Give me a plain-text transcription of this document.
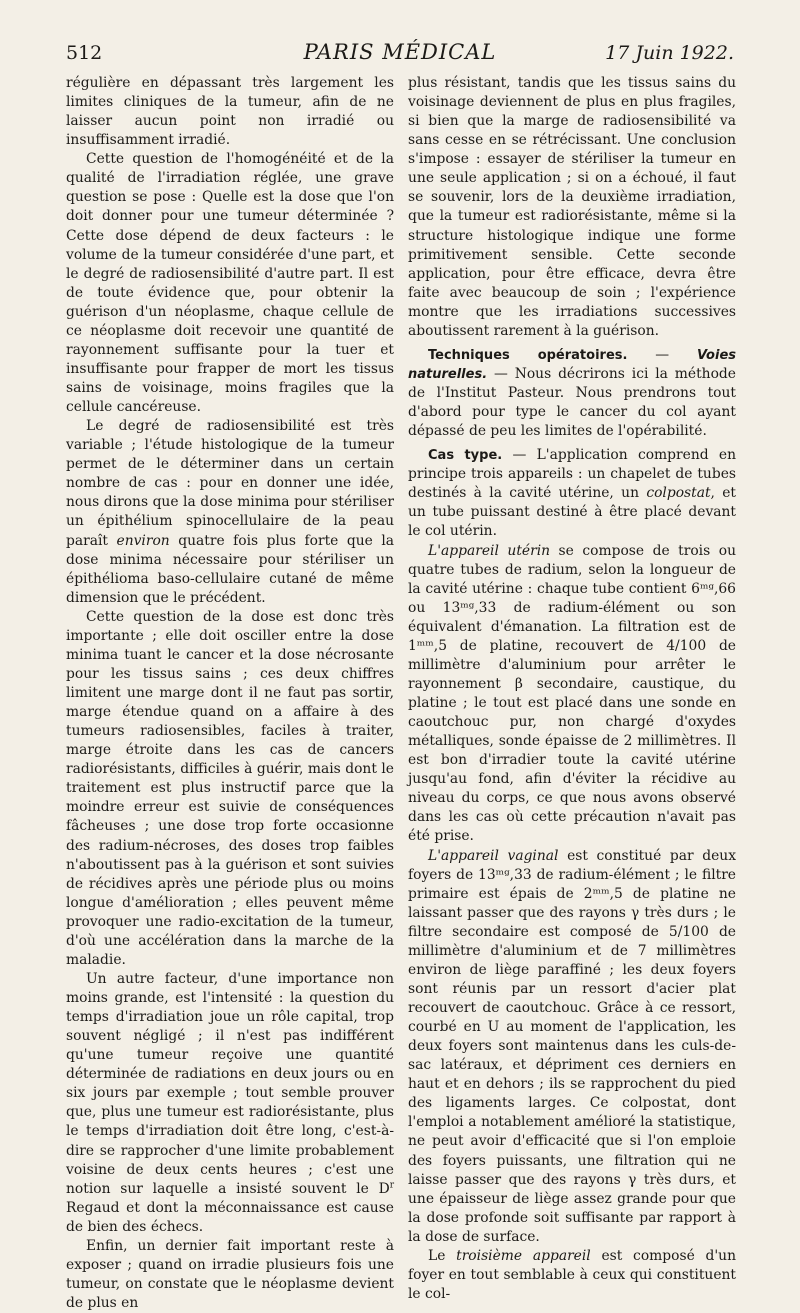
512	PARIS MÉDICAL	17 Juin 1922.

régulière en dépassant très largement les limites cliniques de la tumeur, afin de ne laisser aucun point non irradié ou insuffisamment irradié.

Cette question de l'homogénéité et de la qualité de l'irradiation réglée, une grave question se pose : Quelle est la dose que l'on doit donner pour une tumeur déterminée ? Cette dose dépend de deux facteurs : le volume de la tumeur considérée d'une part, et le degré de radiosensibilité d'autre part. Il est de toute évidence que, pour obtenir la guérison d'un néoplasme, chaque cellule de ce néoplasme doit recevoir une quantité de rayonnement suffisante pour la tuer et insuffisante pour frapper de mort les tissus sains de voisinage, moins fragiles que la cellule cancéreuse.

Le degré de radiosensibilité est très variable ; l'étude histologique de la tumeur permet de le déterminer dans un certain nombre de cas : pour en donner une idée, nous dirons que la dose minima pour stériliser un épithélium spinocellulaire de la peau paraît environ quatre fois plus forte que la dose minima nécessaire pour stériliser un épithélioma baso-cellulaire cutané de même dimension que le précédent.

Cette question de la dose est donc très importante ; elle doit osciller entre la dose minima tuant le cancer et la dose nécrosante pour les tissus sains ; ces deux chiffres limitent une marge dont il ne faut pas sortir, marge étendue quand on a affaire à des tumeurs radiosensibles, faciles à traiter, marge étroite dans les cas de cancers radiorésistants, difficiles à guérir, mais dont le traitement est plus instructif parce que la moindre erreur est suivie de conséquences fâcheuses ; une dose trop forte occasionne des radium-nécroses, des doses trop faibles n'aboutissent pas à la guérison et sont suivies de récidives après une période plus ou moins longue d'amélioration ; elles peuvent même provoquer une radio-excitation de la tumeur, d'où une accélération dans la marche de la maladie.

Un autre facteur, d'une importance non moins grande, est l'intensité : la question du temps d'irradiation joue un rôle capital, trop souvent négligé ; il n'est pas indifférent qu'une tumeur reçoive une quantité déterminée de radiations en deux jours ou en six jours par exemple ; tout semble prouver que, plus une tumeur est radiorésistante, plus le temps d'irradiation doit être long, c'est-à-dire se rapprocher d'une limite probablement voisine de deux cents heures ; c'est une notion sur laquelle a insisté souvent le $D^r$ Regaud et dont la méconnaissance est cause de bien des échecs.

Enfin, un dernier fait important reste à exposer ; quand on irradie plusieurs fois une tumeur, on constate que le néoplasme devient de plus en

plus résistant, tandis que les tissus sains du voisinage deviennent de plus en plus fragiles, si bien que la marge de radiosensibilité va sans cesse en se rétrécissant. Une conclusion s'impose : essayer de stériliser la tumeur en une seule application ; si on a échoué, il faut se souvenir, lors de la deuxième irradiation, que la tumeur est radiorésistante, même si la structure histologique indique une forme primitivement sensible. Cette seconde application, pour être efficace, devra être faite avec beaucoup de soin ; l'expérience montre que les irradiations successives aboutissent rarement à la guérison.

Techniques opératoires. — Voies naturelles. — Nous décrirons ici la méthode de l'Institut Pasteur. Nous prendrons tout d'abord pour type le cancer du col ayant dépassé de peu les limites de l'opérabilité.

Cas type. — L'application comprend en principe trois appareils : un chapelet de tubes destinés à la cavité utérine, un colpostat, et un tube puissant destiné à être placé devant le col utérin.

L'appareil utérin se compose de trois ou quatre tubes de radium, selon la longueur de la cavité utérine : chaque tube contient 6ᵐᵍ,66 ou 13ᵐᵍ,33 de radium-élément ou son équivalent d'émanation. La filtration est de 1ᵐᵐ,5 de platine, recouvert de 4/100 de millimètre d'aluminium pour arrêter le rayonnement β secondaire, caustique, du platine ; le tout est placé dans une sonde en caoutchouc pur, non chargé d'oxydes métalliques, sonde épaisse de 2 millimètres. Il est bon d'irradier toute la cavité utérine jusqu'au fond, afin d'éviter la récidive au niveau du corps, ce que nous avons observé dans les cas où cette précaution n'avait pas été prise.

L'appareil vaginal est constitué par deux foyers de 13ᵐᵍ,33 de radium-élément ; le filtre primaire est épais de 2ᵐᵐ,5 de platine ne laissant passer que des rayons γ très durs ; le filtre secondaire est composé de 5/100 de millimètre d'aluminium et de 7 millimètres environ de liège paraffiné ; les deux foyers sont réunis par un ressort d'acier plat recouvert de caoutchouc. Grâce à ce ressort, courbé en U au moment de l'application, les deux foyers sont maintenus dans les culs-de-sac latéraux, et dépriment ces derniers en haut et en dehors ; ils se rapprochent du pied des ligaments larges. Ce colpostat, dont l'emploi a notablement amélioré la statistique, ne peut avoir d'efficacité que si l'on emploie des foyers puissants, une filtration qui ne laisse passer que des rayons γ très durs, et une épaisseur de liège assez grande pour que la dose profonde soit suffisante par rapport à la dose de surface.

Le troisième appareil est composé d'un foyer en tout semblable à ceux qui constituent le col-
